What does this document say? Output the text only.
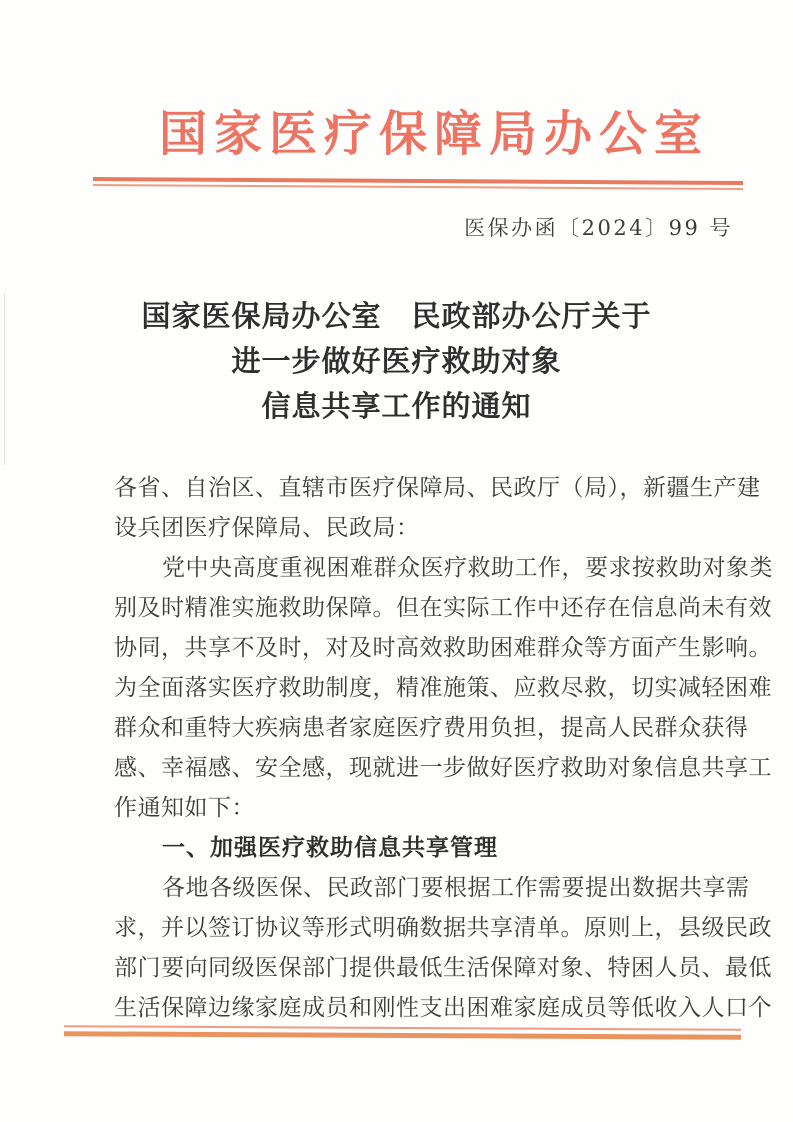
国家医疗保障局办公室
医保办函〔2024〕99 号
国家医保局办公室　民政部办公厅关于
进一步做好医疗救助对象
信息共享工作的通知
各省、自治区、直辖市医疗保障局、民政厅（局），新疆生产建
设兵团医疗保障局、民政局：
党中央高度重视困难群众医疗救助工作，要求按救助对象类
别及时精准实施救助保障。但在实际工作中还存在信息尚未有效
协同，共享不及时，对及时高效救助困难群众等方面产生影响。
为全面落实医疗救助制度，精准施策、应救尽救，切实减轻困难
群众和重特大疾病患者家庭医疗费用负担，提高人民群众获得
感、幸福感、安全感，现就进一步做好医疗救助对象信息共享工
作通知如下：
一、加强医疗救助信息共享管理
各地各级医保、民政部门要根据工作需要提出数据共享需
求，并以签订协议等形式明确数据共享清单。原则上，县级民政
部门要向同级医保部门提供最低生活保障对象、特困人员、最低
生活保障边缘家庭成员和刚性支出困难家庭成员等低收入人口个
